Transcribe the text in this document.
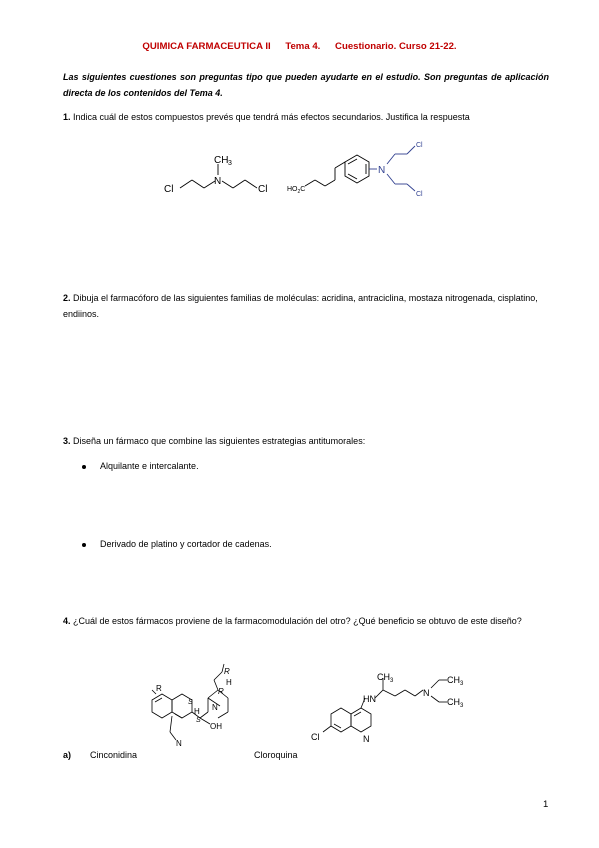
QUIMICA FARMACEUTICA II Tema 4. Cuestionario. Curso 21-22.
Las siguientes cuestiones son preguntas tipo que pueden ayudarte en el estudio. Son preguntas de aplicación directa de los contenidos del Tema 4.
1. Indica cuál de estos compuestos prevés que tendrá más efectos secundarios. Justifica la respuesta
Cl
N
CH 3
Cl	$HO_2C$
N
Cl
Cl
2. Dibuja el farmacóforo de las siguientes familias de moléculas: acridina, antraciclina, mostaza nitrogenada, cisplatino, endiinos.
3. Diseña un fármaco que combine las siguientes estrategias antitumorales:
Alquilante e intercalante.
Derivado de platino y cortador de cadenas.
4. ¿Cuál de estos fármacos proviene de la farmacomodulación del otro? ¿Qué beneficio se obtuvo de este diseño?
R
R
H
R
S
H N
S
OH
N
$CH_3$
HN
N
$CH_3$
$CH_3$
Cl	N
a) Cinconidina	Cloroquina
1
